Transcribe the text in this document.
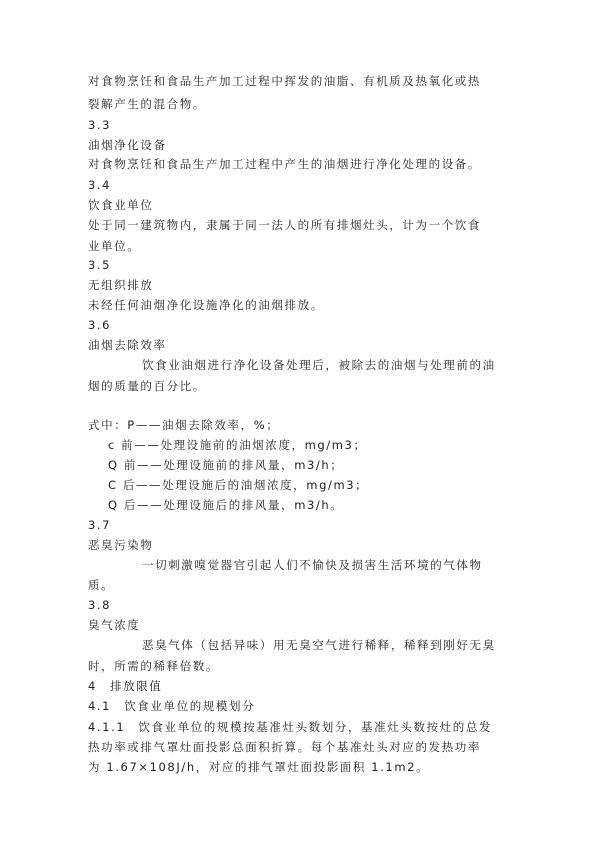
对食物烹饪和食品生产加工过程中挥发的油脂、有机质及热氧化或热
裂解产生的混合物。
3.3
油烟净化设备
对食物烹饪和食品生产加工过程中产生的油烟进行净化处理的设备。
3.4
饮食业单位
处于同一建筑物内，隶属于同一法人的所有排烟灶头，计为一个饮食
业单位。
3.5
无组织排放
未经任何油烟净化设施净化的油烟排放。
3.6
油烟去除效率
饮食业油烟进行净化设备处理后，被除去的油烟与处理前的油
烟的质量的百分比。
式中：P——油烟去除效率，%；
c 前——处理设施前的油烟浓度，mg/m3；
Q 前——处理设施前的排风量，m3/h；
C 后——处理设施后的油烟浓度，mg/m3；
Q 后——处理设施后的排风量，m3/h。
3.7
恶臭污染物
一切刺激嗅觉器官引起人们不愉快及损害生活环境的气体物
质。
3.8
臭气浓度
恶臭气体（包括异味）用无臭空气进行稀释，稀释到刚好无臭
时，所需的稀释倍数。
4　排放限值
4.1　饮食业单位的规模划分
4.1.1　饮食业单位的规模按基准灶头数划分，基准灶头数按灶的总发
热功率或排气罩灶面投影总面积折算。每个基准灶头对应的发热功率
为 1.67×108J/h，对应的排气罩灶面投影面积 1.1m2。
